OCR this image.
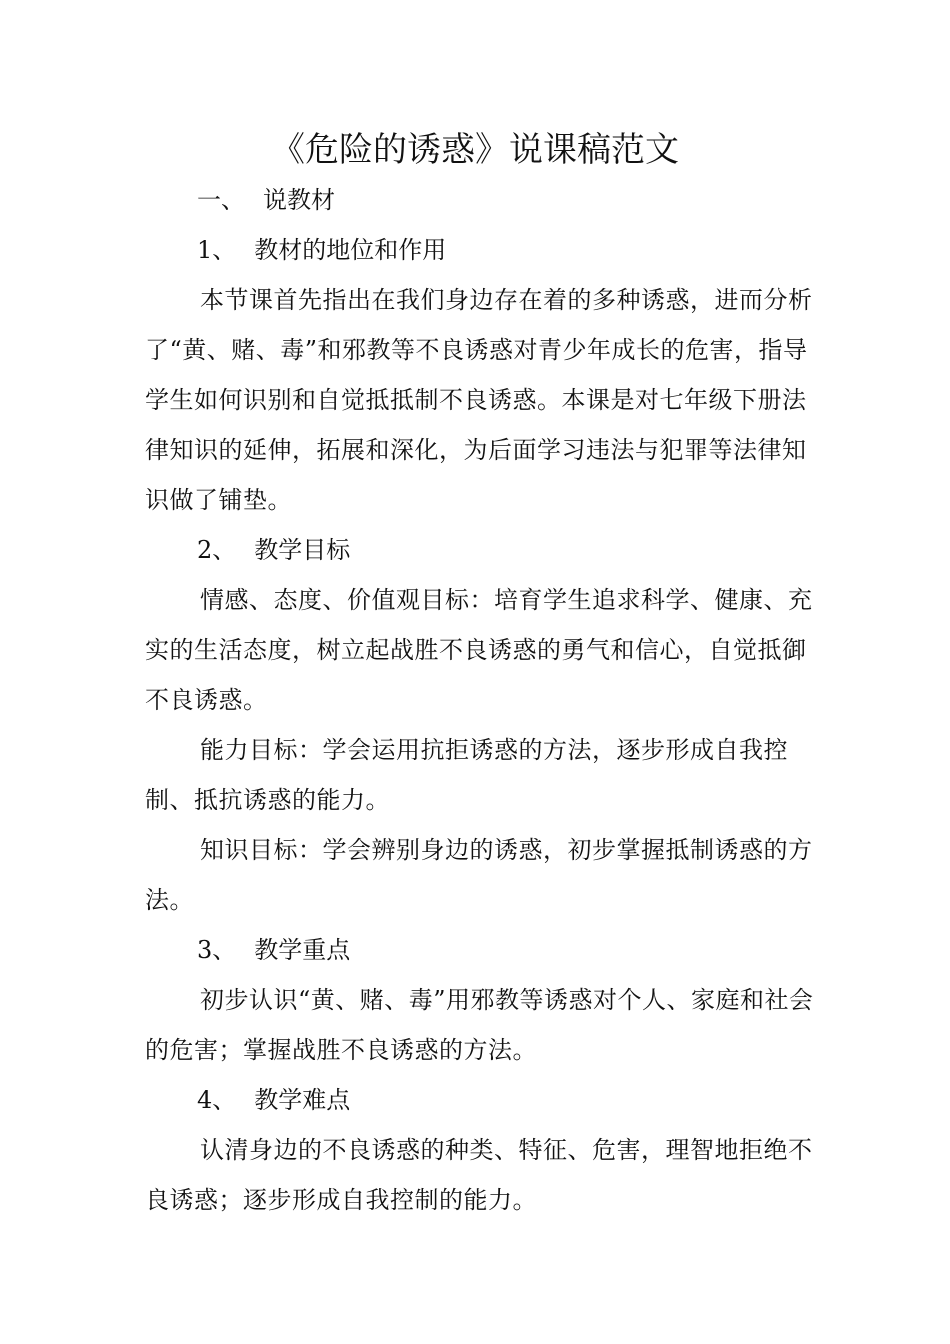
《危险的诱惑》说课稿范文

一、 说教材

1、 教材的地位和作用

本节课首先指出在我们身边存在着的多种诱惑，进而分析了“黄、赌、毒”和邪教等不良诱惑对青少年成长的危害，指导学生如何识别和自觉抵抵制不良诱惑。本课是对七年级下册法律知识的延伸，拓展和深化，为后面学习违法与犯罪等法律知识做了铺垫。

2、 教学目标

情感、态度、价值观目标：培育学生追求科学、健康、充实的生活态度，树立起战胜不良诱惑的勇气和信心，自觉抵御不良诱惑。

能力目标：学会运用抗拒诱惑的方法，逐步形成自我控制、抵抗诱惑的能力。

知识目标：学会辨别身边的诱惑，初步掌握抵制诱惑的方法。

3、 教学重点

初步认识“黄、赌、毒”用邪教等诱惑对个人、家庭和社会的危害；掌握战胜不良诱惑的方法。

4、 教学难点

认清身边的不良诱惑的种类、特征、危害，理智地拒绝不良诱惑；逐步形成自我控制的能力。
